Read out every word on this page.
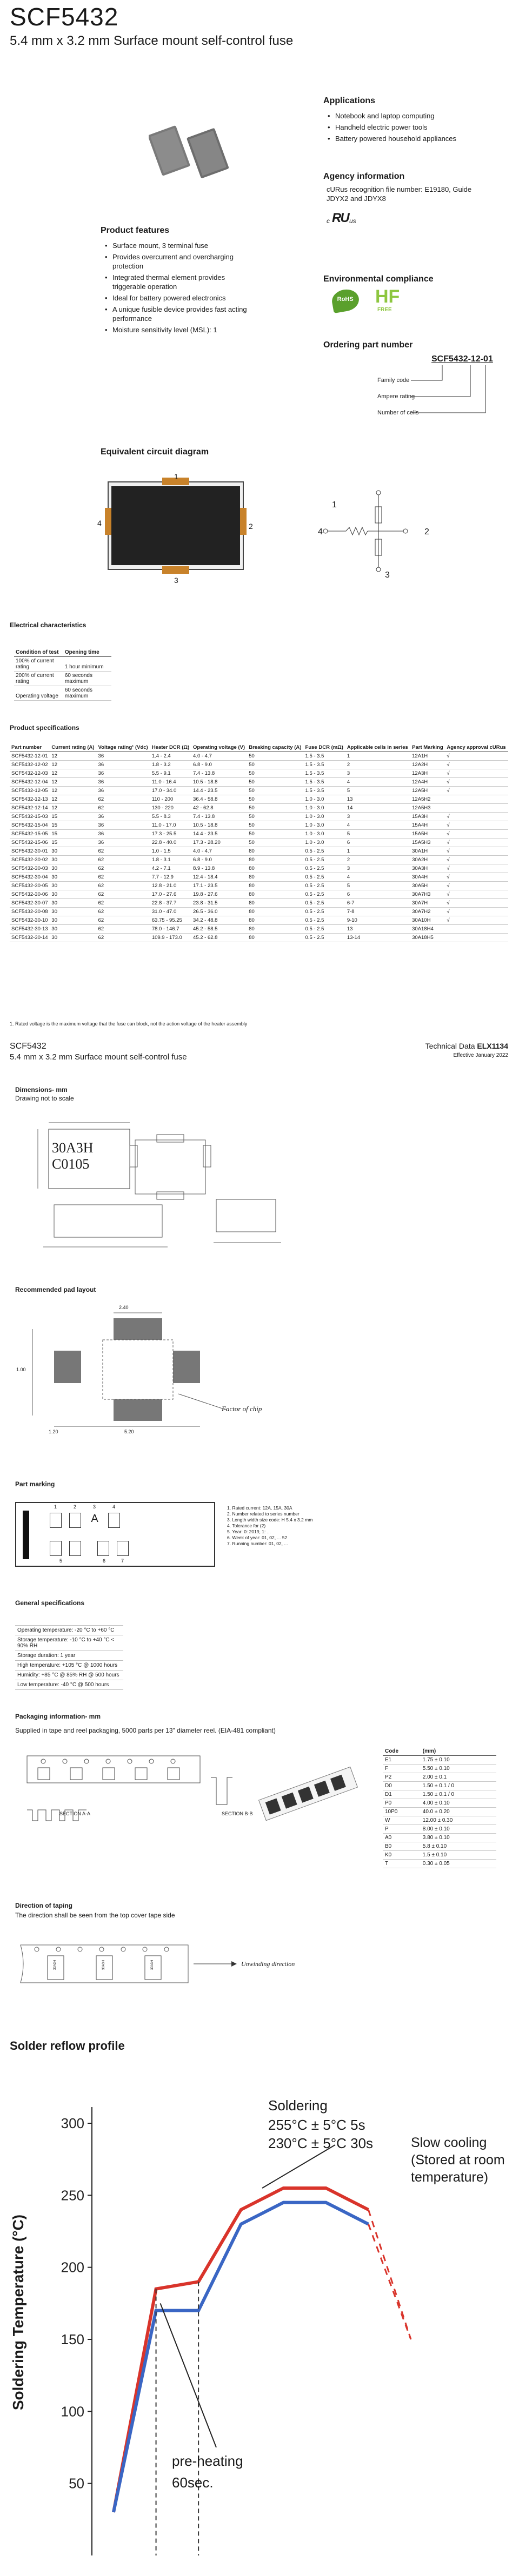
SCF5432
5.4 mm x 3.2 mm Surface mount self-control fuse
Applications
• Notebook and laptop computing
• Handheld electric power tools
• Battery powered household appliances
Agency information
cURus recognition file number: E19180, Guide JDYX2 and JDYX8
c RU us
Product features
• Surface mount, 3 terminal fuse
• Provides overcurrent and overcharging protection
• Integrated thermal element provides triggerable operation
• Ideal for battery powered electronics
• A unique fusible device provides fast acting performance
• Moisture sensitivity level (MSL): 1
Environmental compliance
RoHS HF
FREE
Ordering part number
SCF5432-12-01
Family code
Ampere rating
Number of cells
Equivalent circuit diagram
1
2
3
4
1
4	2
3
Electrical characteristics
Condition of test	Opening time
100% of current rating	1 hour minimum
200% of current rating	60 seconds maximum
Operating voltage	60 seconds maximum
Product specifications
Part number	Current rating (A)	Voltage rating¹ (Vdc)	Heater DCR (Ω)	Operating voltage (V)	Breaking capacity (A)	Fuse DCR (mΩ)	Applicable cells in series	Part Marking	Agency approval cURus
SCF5432-12-01	12	36	1.4 - 2.4	4.0 - 4.7	50	1.5 - 3.5	1	12A1H	√
SCF5432-12-02	12	36	1.8 - 3.2	6.8 - 9.0	50	1.5 - 3.5	2	12A2H	√
SCF5432-12-03	12	36	5.5 - 9.1	7.4 - 13.8	50	1.5 - 3.5	3	12A3H	√
SCF5432-12-04	12	36	11.0 - 16.4	10.5 - 18.8	50	1.5 - 3.5	4	12A4H	√
SCF5432-12-05	12	36	17.0 - 34.0	14.4 - 23.5	50	1.5 - 3.5	5	12A5H	√
SCF5432-12-13	12	62	110 - 200	36.4 - 58.8	50	1.0 - 3.0	13	12A5H2	
SCF5432-12-14	12	62	130 - 220	42 - 62.8	50	1.0 - 3.0	14	12A5H3	
SCF5432-15-03	15	36	5.5 - 8.3	7.4 - 13.8	50	1.0 - 3.0	3	15A3H	√
SCF5432-15-04	15	36	11.0 - 17.0	10.5 - 18.8	50	1.0 - 3.0	4	15A4H	√
SCF5432-15-05	15	36	17.3 - 25.5	14.4 - 23.5	50	1.0 - 3.0	5	15A5H	√
SCF5432-15-06	15	36	22.8 - 40.0	17.3 - 28.20	50	1.0 - 3.0	6	15A5H3	√
SCF5432-30-01	30	62	1.0 - 1.5	4.0 - 4.7	80	0.5 - 2.5	1	30A1H	√
SCF5432-30-02	30	62	1.8 - 3.1	6.8 - 9.0	80	0.5 - 2.5	2	30A2H	√
SCF5432-30-03	30	62	4.2 - 7.1	8.9 - 13.8	80	0.5 - 2.5	3	30A3H	√
SCF5432-30-04	30	62	7.7 - 12.9	12.4 - 18.4	80	0.5 - 2.5	4	30A4H	√
SCF5432-30-05	30	62	12.8 - 21.0	17.1 - 23.5	80	0.5 - 2.5	5	30A5H	√
SCF5432-30-06	30	62	17.0 - 27.6	19.8 - 27.6	80	0.5 - 2.5	6	30A7H3	√
SCF5432-30-07	30	62	22.8 - 37.7	23.8 - 31.5	80	0.5 - 2.5	6-7	30A7H	√
SCF5432-30-08	30	62	31.0 - 47.0	26.5 - 36.0	80	0.5 - 2.5	7-8	30A7H2	√
SCF5432-30-10	30	62	63.75 - 95.25	34.2 - 48.8	80	0.5 - 2.5	9-10	30A10H	√
SCF5432-30-13	30	62	78.0 - 146.7	45.2 - 58.5	80	0.5 - 2.5	13	30A18H4	
SCF5432-30-14	30	62	109.9 - 173.0	45.2 - 62.8	80	0.5 - 2.5	13-14	30A18H5	
1. Rated voltage is the maximum voltage that the fuse can block, not the action voltage of the heater assembly
SCF5432
5.4 mm x 3.2 mm Surface mount self-control fuse
Technical Data ELX1134
Effective January 2022
Dimensions- mm
Drawing not to scale
30A3H
C0105
Recommended pad layout
2.40
1.00
1.20	5.20
Factor of chip
Part marking
A
1	2	3	4
5	6	7
1. Rated current: 12A, 15A, 30A
2. Number related to series number
3. Length width size code: H 5.4 x 3.2 mm
4. Tolerance for (2)
5. Year: 0: 2019, 1: ...
6. Week of year: 01, 02, ... 52
7. Running number: 01, 02, ...
General specifications
Operating temperature: -20 °C to +60 °C
Storage temperature: -10 °C to +40 °C < 90% RH
Storage duration: 1 year
High temperature: +105 °C @ 1000 hours
Humidity: +85 °C @ 85% RH @ 500 hours
Low temperature: -40 °C @ 500 hours
Packaging information- mm
Supplied in tape and reel packaging, 5000 parts per 13" diameter reel. (EIA-481 compliant)
SECTION A-A	SECTION B-B
Code	(mm)
E1	1.75 ± 0.10
F	5.50 ± 0.10
P2	2.00 ± 0.1
D0	1.50 ± 0.1 / 0
D1	1.50 ± 0.1 / 0
P0	4.00 ± 0.10
10P0	40.0 ± 0.20
W	12.00 ± 0.30
P	8.00 ± 0.10
A0	3.80 ± 0.10
B0	5.8 ± 0.10
K0	1.5 ± 0.10
T	0.30 ± 0.05
Direction of taping
The direction shall be seen from the top cover tape side
30A3H	30A3H	30A3H	Unwinding direction
Solder reflow profile
50
100
150
200
250
300
Soldering Temperature (°C)
Soldering
255°C ± 5°C 5s
230°C ± 5°C 30s	Slow cooling (Stored at room temperature)
pre-heating
60sec.
